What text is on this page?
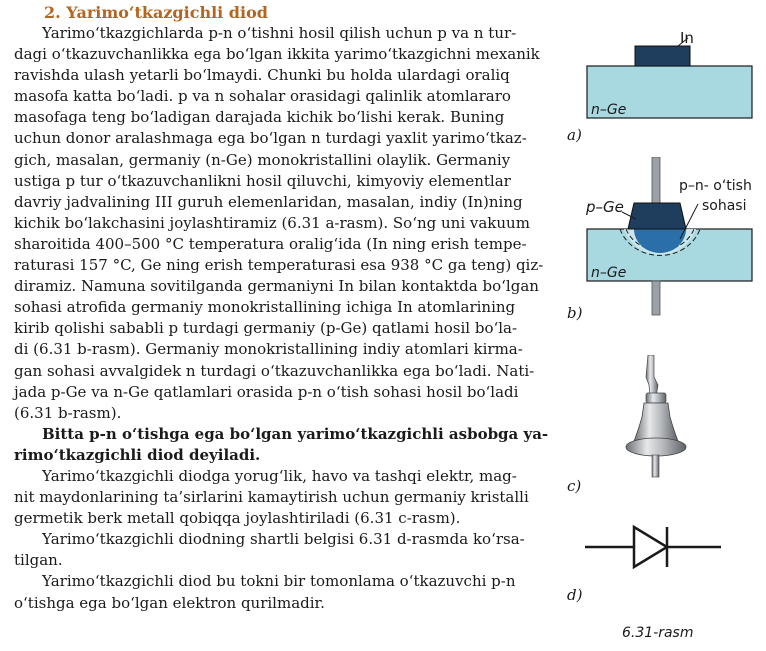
2. Yarimo‘tkazgichli diod
Yarimo‘tkazgichlarda p-n o‘tishni hosil qilish uchun p va n tur-
dagi o‘tkazuvchanlikka ega bo‘lgan ikkita yarimo‘tkazgichni mexanik
ravishda ulash yetarli bo‘lmaydi. Chunki bu holda ulardagi oraliq
masofa katta bo‘ladi. p va n sohalar orasidagi qalinlik atomlararo
masofaga teng bo‘ladigan darajada kichik bo‘lishi kerak. Buning
uchun donor aralashmaga ega bo‘lgan n turdagi yaxlit yarimo‘tkaz-
gich, masalan, germaniy (n-Ge) monokristallini olaylik. Germaniy
ustiga p tur o‘tkazuvchanlikni hosil qiluvchi, kimyoviy elementlar
davriy jadvalining III guruh elemenlaridan, masalan, indiy (In)ning
kichik bo‘lakchasini joylashtiramiz (6.31 a-rasm). So‘ng uni vakuum
sharoitida 400–500 °C temperatura oralig‘ida (In ning erish tempe-
raturasi 157 °C, Ge ning erish temperaturasi esa 938 °C ga teng) qiz-
diramiz. Namuna sovitilganda germaniyni In bilan kontaktda bo‘lgan
sohasi atrofida germaniy monokristallining ichiga In atomlarining
kirib qolishi sababli p turdagi germaniy (p-Ge) qatlami hosil bo‘la-
di (6.31 b-rasm). Germaniy monokristallining indiy atomlari kirma-
gan sohasi avvalgidek n turdagi o‘tkazuvchanlikka ega bo‘ladi. Nati-
jada p-Ge va n-Ge qatlamlari orasida p-n o‘tish sohasi hosil bo‘ladi
(6.31 b-rasm).
Bitta p-n o‘tishga ega bo‘lgan yarimo‘tkazgichli asbobga ya-
rimo‘tkazgichli diod deyiladi.
Yarimo‘tkazgichli diodga yorug‘lik, havo va tashqi elektr, mag-
nit maydonlarining ta’sirlarini kamaytirish uchun germaniy kristalli
germetik berk metall qobiqqa joylashtiriladi (6.31 c-rasm).
Yarimo‘tkazgichli diodning shartli belgisi 6.31 d-rasmda ko‘rsa-
tilgan.
Yarimo‘tkazgichli diod bu tokni bir tomonlama o‘tkazuvchi p-n
o‘tishga ega bo‘lgan elektron qurilmadir.
In
n–Ge
a)
p–Ge
p–n- o‘tish
sohasi
n–Ge
b)
c)
d)
6.31-rasm
